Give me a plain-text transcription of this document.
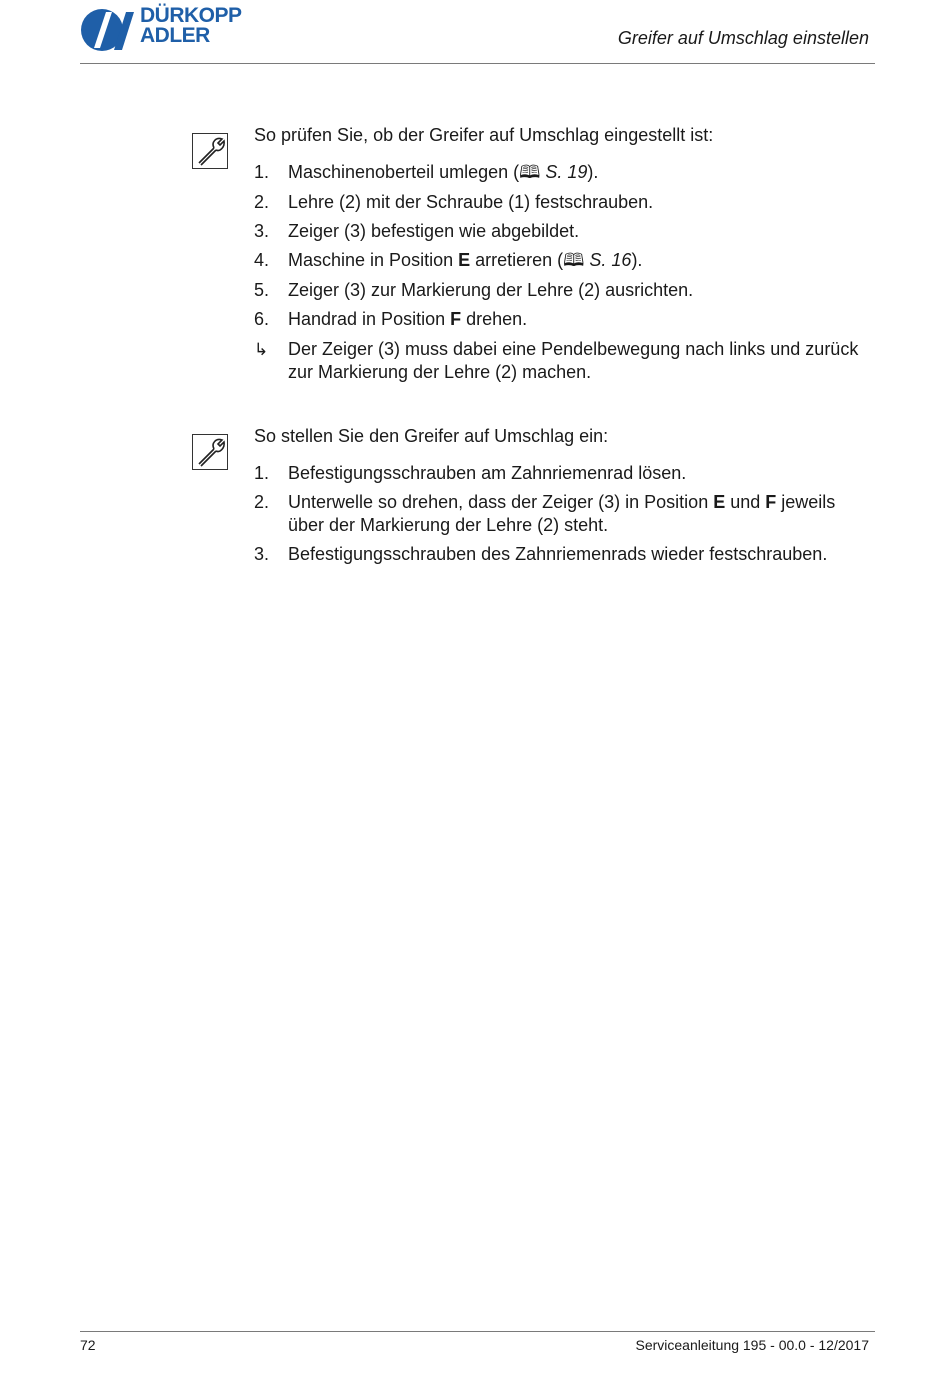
DÜRKOPP
ADLER	Greifer auf Umschlag einstellen
So prüfen Sie, ob der Greifer auf Umschlag eingestellt ist:
1.	Maschinenoberteil umlegen (🕮 S. 19).
2.	Lehre (2) mit der Schraube (1) festschrauben.
3.	Zeiger (3) befestigen wie abgebildet.
4.	Maschine in Position E arretieren (🕮 S. 16).
5.	Zeiger (3) zur Markierung der Lehre (2) ausrichten.
6.	Handrad in Position F drehen.
↳ Der Zeiger (3) muss dabei eine Pendelbewegung nach links und zurück zur Markierung der Lehre (2) machen.
So stellen Sie den Greifer auf Umschlag ein:
1.	Befestigungsschrauben am Zahnriemenrad lösen.
2.	Unterwelle so drehen, dass der Zeiger (3) in Position E und F jeweils über der Markierung der Lehre (2) steht.
3.	Befestigungsschrauben des Zahnriemenrads wieder festschrauben.
72	Serviceanleitung 195 - 00.0 - 12/2017
